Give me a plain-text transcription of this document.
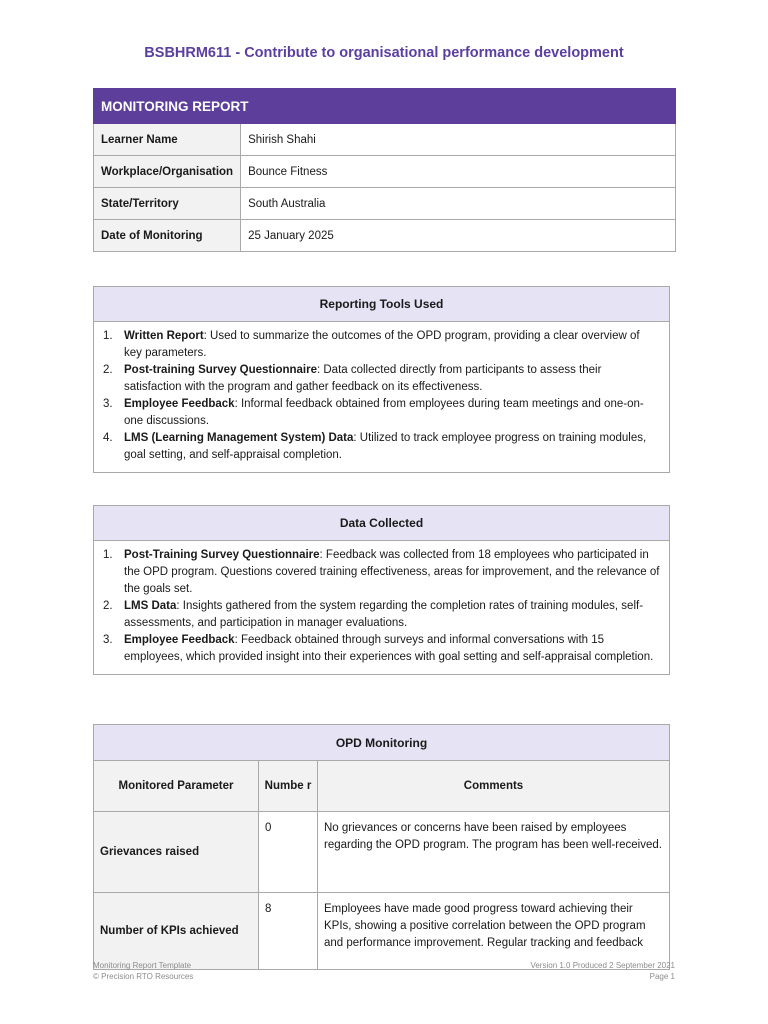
BSBHRM611 - Contribute to organisational performance development
MONITORING REPORT	
Learner Name	Shirish Shahi
Workplace/Organisation	Bounce Fitness
State/Territory	South Australia
Date of Monitoring	25 January 2025
Reporting Tools Used

1. Written Report: Used to summarize the outcomes of the OPD program, providing a clear overview of key parameters.
2. Post-training Survey Questionnaire: Data collected directly from participants to assess their satisfaction with the program and gather feedback on its effectiveness.
3. Employee Feedback: Informal feedback obtained from employees during team meetings and one-on-one discussions.
4. LMS (Learning Management System) Data: Utilized to track employee progress on training modules, goal setting, and self-appraisal completion.
Data Collected

1. Post-Training Survey Questionnaire: Feedback was collected from 18 employees who participated in the OPD program. Questions covered training effectiveness, areas for improvement, and the relevance of the goals set.
2. LMS Data: Insights gathered from the system regarding the completion rates of training modules, self-assessments, and participation in manager evaluations.
3. Employee Feedback: Feedback obtained through surveys and informal conversations with 15 employees, which provided insight into their experiences with goal setting and self-appraisal completion.
OPD Monitoring		
Monitored Parameter	Numbe r	Comments
Grievances raised	0	No grievances or concerns have been raised by employees regarding the OPD program. The program has been well-received.
Number of KPIs achieved	8	Employees have made good progress toward achieving their KPIs, showing a positive correlation between the OPD program and performance improvement. Regular tracking and feedback
Monitoring Report Template
© Precision RTO Resources
Version 1.0 Produced 2 September 2021
Page 1
